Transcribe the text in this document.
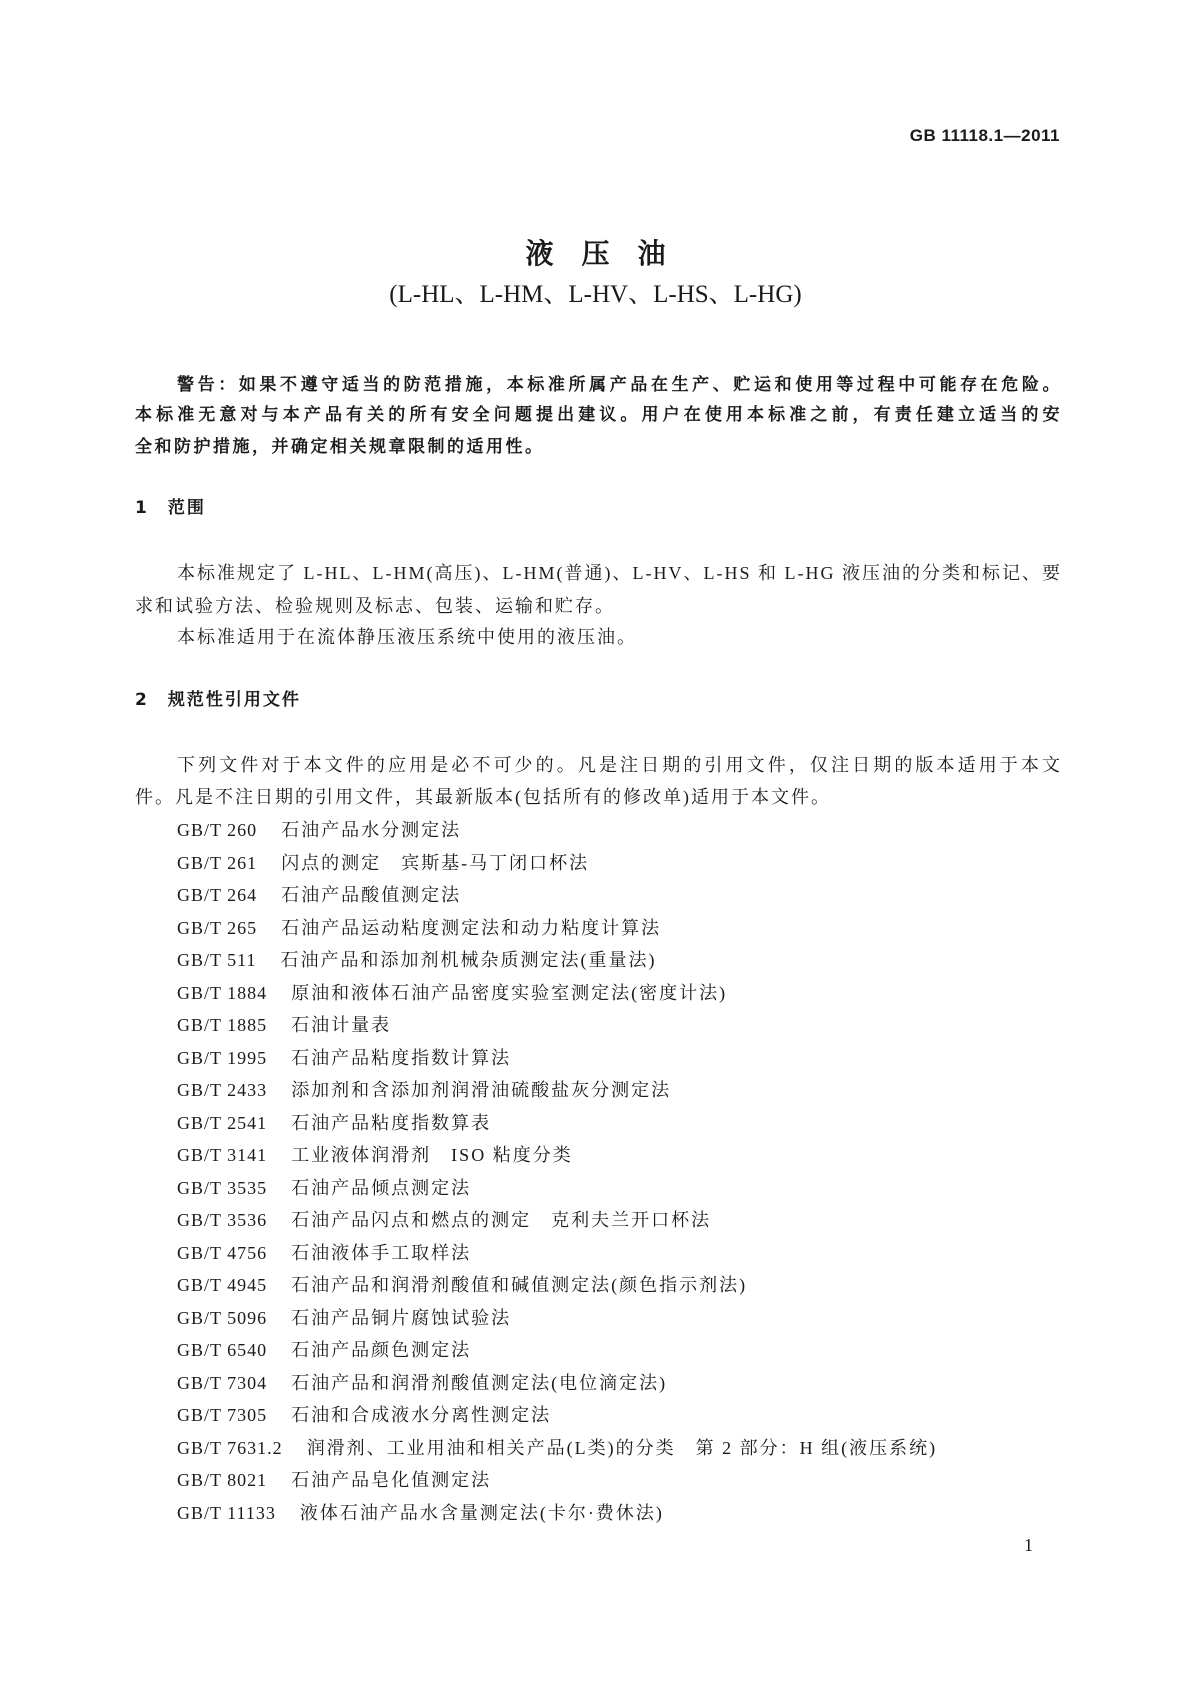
GB 11118.1—2011
液　压　油
(L-HL、L-HM、L-HV、L-HS、L-HG)
警告：如果不遵守适当的防范措施，本标准所属产品在生产、贮运和使用等过程中可能存在危险。
本标准无意对与本产品有关的所有安全问题提出建议。用户在使用本标准之前，有责任建立适当的安
全和防护措施，并确定相关规章限制的适用性。
1　范围
本标准规定了 L-HL、L-HM(高压)、L-HM(普通)、L-HV、L-HS 和 L-HG 液压油的分类和标记、要
求和试验方法、检验规则及标志、包装、运输和贮存。
本标准适用于在流体静压液压系统中使用的液压油。
2　规范性引用文件
下列文件对于本文件的应用是必不可少的。凡是注日期的引用文件，仅注日期的版本适用于本文
件。凡是不注日期的引用文件，其最新版本(包括所有的修改单)适用于本文件。
GB/T 260 石油产品水分测定法
GB/T 261 闪点的测定　宾斯基-马丁闭口杯法
GB/T 264 石油产品酸值测定法
GB/T 265 石油产品运动粘度测定法和动力粘度计算法
GB/T 511 石油产品和添加剂机械杂质测定法(重量法)
GB/T 1884 原油和液体石油产品密度实验室测定法(密度计法)
GB/T 1885 石油计量表
GB/T 1995 石油产品粘度指数计算法
GB/T 2433 添加剂和含添加剂润滑油硫酸盐灰分测定法
GB/T 2541 石油产品粘度指数算表
GB/T 3141 工业液体润滑剂　ISO 粘度分类
GB/T 3535 石油产品倾点测定法
GB/T 3536 石油产品闪点和燃点的测定　克利夫兰开口杯法
GB/T 4756 石油液体手工取样法
GB/T 4945 石油产品和润滑剂酸值和碱值测定法(颜色指示剂法)
GB/T 5096 石油产品铜片腐蚀试验法
GB/T 6540 石油产品颜色测定法
GB/T 7304 石油产品和润滑剂酸值测定法(电位滴定法)
GB/T 7305 石油和合成液水分离性测定法
GB/T 7631.2 润滑剂、工业用油和相关产品(L类)的分类　第 2 部分：H 组(液压系统)
GB/T 8021 石油产品皂化值测定法
GB/T 11133 液体石油产品水含量测定法(卡尔·费休法)
1
